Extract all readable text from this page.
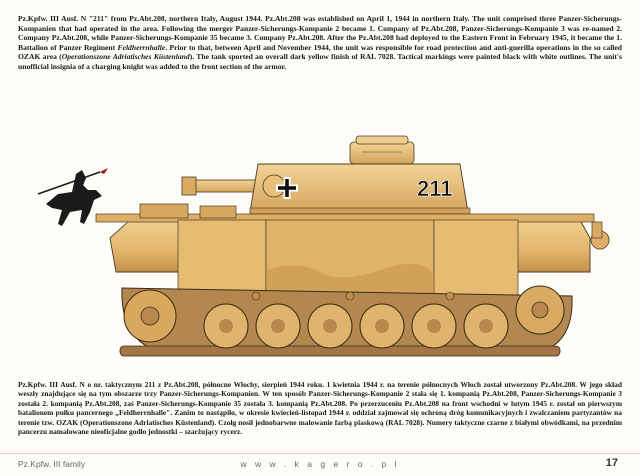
Pz.Kpfw. III Ausf. N "211" from Pz.Abt.208, northern Italy, August 1944. Pz.Abt.208 was established on April 1, 1944 in northern Italy. The unit comprised three Panzer-Sicherungs-Kompanien that had operated in the area. Following the merger Panzer-Sicherungs-Kompanie 2 became 1. Company of Pz.Abt.208, Panzer-Sicherungs-Kompanie 3 was re-named 2. Company Pz.Abt.208, while Panzer-Sicherungs-Kompanie 35 became 3. Company Pz.Abt.208. After the Pz.Abt.208 had deployed to the Eastern Front in February 1945, it became the 1. Battalion of Panzer Regiment Feldherrnhalle. Prior to that, between April and November 1944, the unit was responsible for road protection and anti-guerilla operations in the so called OZAK area (Operationszone Adriatisches Küstenland). The tank sported an overall dark yellow finish of RAL 7028. Tactical markings were painted black with white outlines. The unit's unofficial insignia of a charging knight was added to the front section of the armor.

211

Pz.Kpfw. III Ausf. N o nr. taktycznym 211 z Pz.Abt.208, północne Włochy, sierpień 1944 roku. 1 kwietnia 1944 r. na terenie północnych Włoch został utworzony Pz.Abt.208. W jego skład weszły znajdujące się na tym obszarze trzy Panzer-Sicherungs-Kompanien. W ten sposób Panzer-Sicherungs-Kompanie 2 stała się 1. kompanią Pz.Abt.208, Panzer-Sicherungs-Kompanie 3 została 2. kompanią Pz.Abt.208, zaś Panzer-Sicherungs-Kompanie 35 została 3. kompanią Pz.Abt.208. Po przerzuceniu Pz.Abt.208 na front wschodni w lutym 1945 r. został on pierwszym batalionem pułku pancernego „Feldherrnhalle". Zanim to nastąpiło, w okresie kwiecień-listopad 1944 r. oddział zajmował się ochroną dróg komunikacyjnych i zwalczaniem partyzantów na terenie tzw. OZAK (Operationszone Adriatisches Küstenland). Czołg nosił jednobarwne malowanie farbą piaskową (RAL 7028). Numery taktyczne czarne z białymi obwódkami, na przednim pancerzu namalowane nieoficjalne godło jednostki – szarżujący rycerz.

Pz.Kpfw. III family	w w w . k a g e r o . p l	17
